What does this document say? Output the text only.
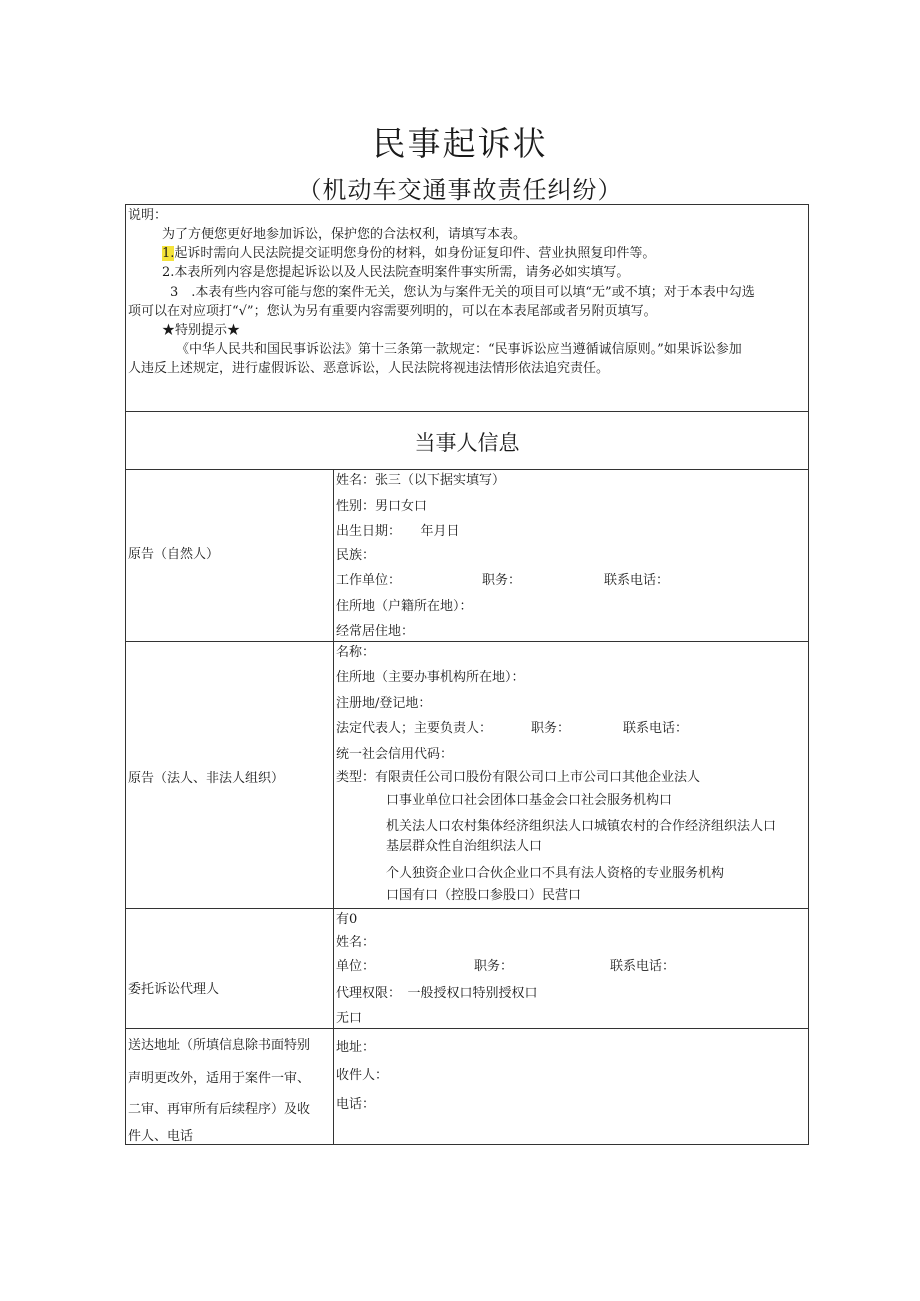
民事起诉状
（机动车交通事故责任纠纷）
说明：
为了方便您更好地参加诉讼，保护您的合法权利，请填写本表。
1.起诉时需向人民法院提交证明您身份的材料，如身份证复印件、营业执照复印件等。
2.本表所列内容是您提起诉讼以及人民法院查明案件事实所需，请务必如实填写。
3　.本表有些内容可能与您的案件无关，您认为与案件无关的项目可以填“无”或不填；对于本表中勾选
项可以在对应项打“√”；您认为另有重要内容需要列明的，可以在本表尾部或者另附页填写。
★特别提示★
《中华人民共和国民事诉讼法》第十三条第一款规定：“民事诉讼应当遵循诚信原则。”如果诉讼参加
人违反上述规定，进行虚假诉讼、恶意诉讼，人民法院将视违法情形依法追究责任。
当事人信息
原告（自然人）
姓名：张三（以下据实填写）
性别：男口女口
出生日期：　　年月日
民族：
工作单位：	职务：	联系电话：
住所地（户籍所在地）：
经常居住地：
原告（法人、非法人组织）
名称：
住所地（主要办事机构所在地）：
注册地/登记地：
法定代表人；主要负责人：	职务：	联系电话：
统一社会信用代码：
类型：有限责任公司口股份有限公司口上市公司口其他企业法人
口事业单位口社会团体口基金会口社会服务机构口
机关法人口农村集体经济组织法人口城镇农村的合作经济组织法人口
基层群众性自治组织法人口
个人独资企业口合伙企业口不具有法人资格的专业服务机构
口国有口（控股口参股口）民营口
委托诉讼代理人
有0
姓名：
单位：	职务：	联系电话：
代理权限：　一般授权口特别授权口
无口
送达地址（所填信息除书面特别
声明更改外，适用于案件一审、
二审、再审所有后续程序）及收
件人、电话
地址：
收件人：
电话：
